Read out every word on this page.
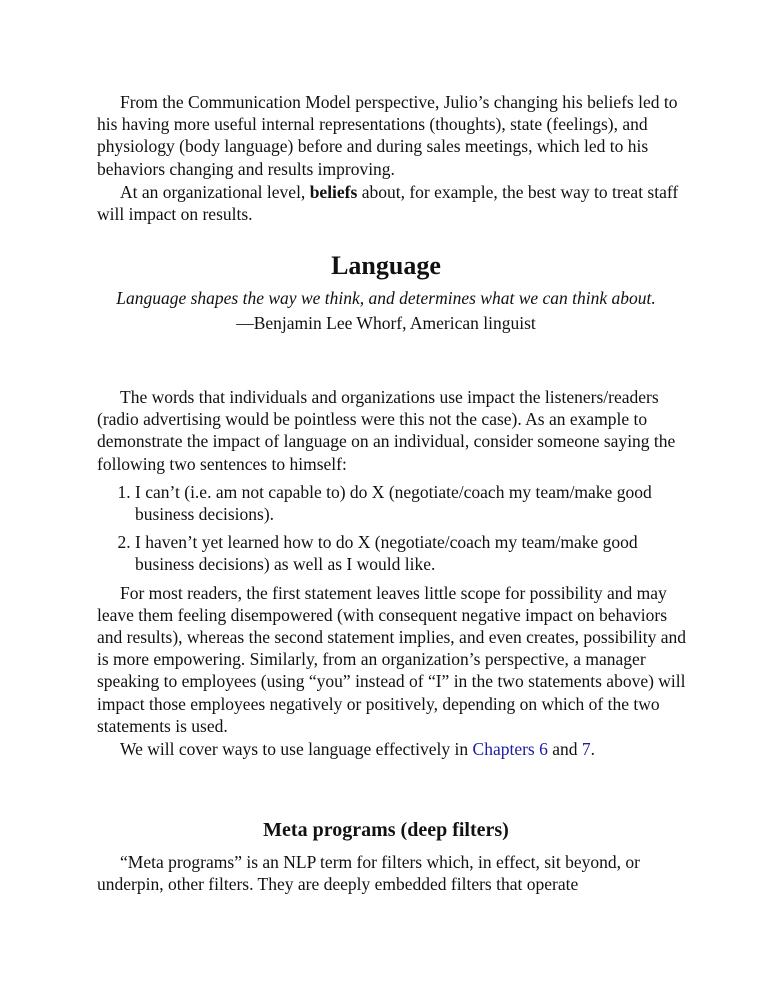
From the Communication Model perspective, Julio’s changing his beliefs led to his having more useful internal representations (thoughts), state (feelings), and physiology (body language) before and during sales meetings, which led to his behaviors changing and results improving.

At an organizational level, beliefs about, for example, the best way to treat staff will impact on results.

Language
Language shapes the way we think, and determines what we can think about.
—Benjamin Lee Whorf, American linguist

The words that individuals and organizations use impact the listeners/readers (radio advertising would be pointless were this not the case). As an example to demonstrate the impact of language on an individual, consider someone saying the following two sentences to himself:

1. I can’t (i.e. am not capable to) do X (negotiate/coach my team/make good business decisions).
2. I haven’t yet learned how to do X (negotiate/coach my team/make good business decisions) as well as I would like.

For most readers, the first statement leaves little scope for possibility and may leave them feeling disempowered (with consequent negative impact on behaviors and results), whereas the second statement implies, and even creates, possibility and is more empowering. Similarly, from an organization’s perspective, a manager speaking to employees (using “you” instead of “I” in the two statements above) will impact those employees negatively or positively, depending on which of the two statements is used.

We will cover ways to use language effectively in Chapters 6 and 7.

Meta programs (deep filters)

“Meta programs” is an NLP term for filters which, in effect, sit beyond, or underpin, other filters. They are deeply embedded filters that operate
